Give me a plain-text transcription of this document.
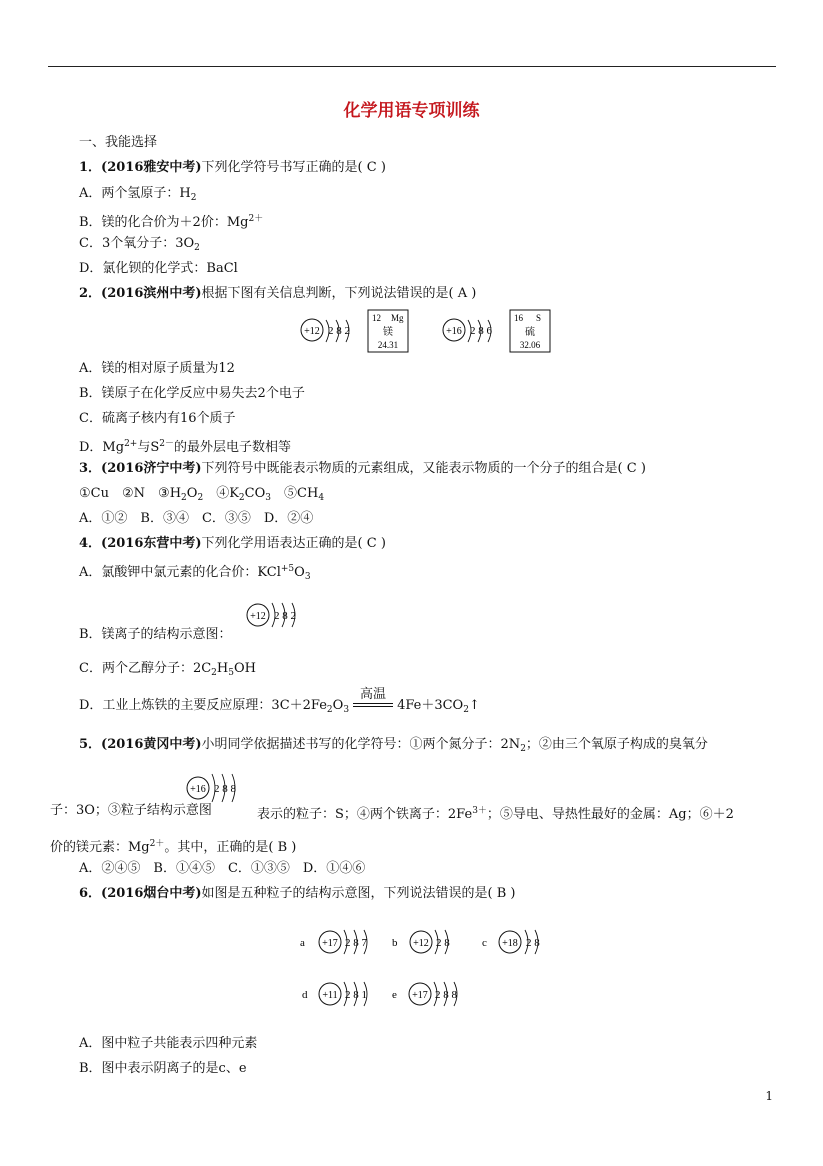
化学用语专项训练
一、我能选择
1．(2016雅安中考)下列化学符号书写正确的是( C )
A．两个氢原子：$H_2$
B．镁的化合价为＋2价：$Mg^{2+}$
C．3个氧分子：$3O_2$
D．氯化钡的化学式：BaCl
2．(2016滨州中考)根据下图有关信息判断，下列说法错误的是( A )
+12 2 8 2
12 Mg
镁
24.31
+16 2 8 6
16 S
硫
32.06
A．镁的相对原子质量为12
B．镁原子在化学反应中易失去2个电子
C．硫离子核内有16个质子
D．$Mg^{2+}$与$S^{2-}$的最外层电子数相等
3．(2016济宁中考)下列符号中既能表示物质的元素组成，又能表示物质的一个分子的组合是( C )
①Cu　 ②N　 $③H_2O_2$　 $④K_2CO_3$　 $⑤CH_4$
A．①②　B．③④　C．③⑤　D．②④
4．(2016东营中考)下列化学用语表达正确的是( C )
A．氯酸钾中氯元素的化合价：$KCl^{+5}O_3$
+12 2 8 2
B．镁离子的结构示意图：
C．两个乙醇分子：$2C_2H_5OH$
D．工业上炼铁的主要反应原理：$3C+2Fe_2O_3$
高温
$4Fe+3CO_2↑$
5．(2016黄冈中考)小明同学依据描述书写的化学符号：①两个氮分子：$2N_2$；②由三个氧原子构成的臭氧分
+16 2 8 8
子：3O；③粒子结构示意图	表示的粒子：S；④两个铁离子：$2Fe^{3+}$；⑤导电、导热性最好的金属：Ag；⑥＋2
价的镁元素：$Mg^{2+}$。其中，正确的是( B )
A．②④⑤　B．①④⑤　C．①③⑤　D．①④⑥
6．(2016烟台中考)如图是五种粒子的结构示意图，下列说法错误的是( B )
a +17 2 8 7 b +12 2 8	c +18 2 8
d +11 2 8 1 e +17 2 8 8
A．图中粒子共能表示四种元素
B．图中表示阴离子的是c、e
1
